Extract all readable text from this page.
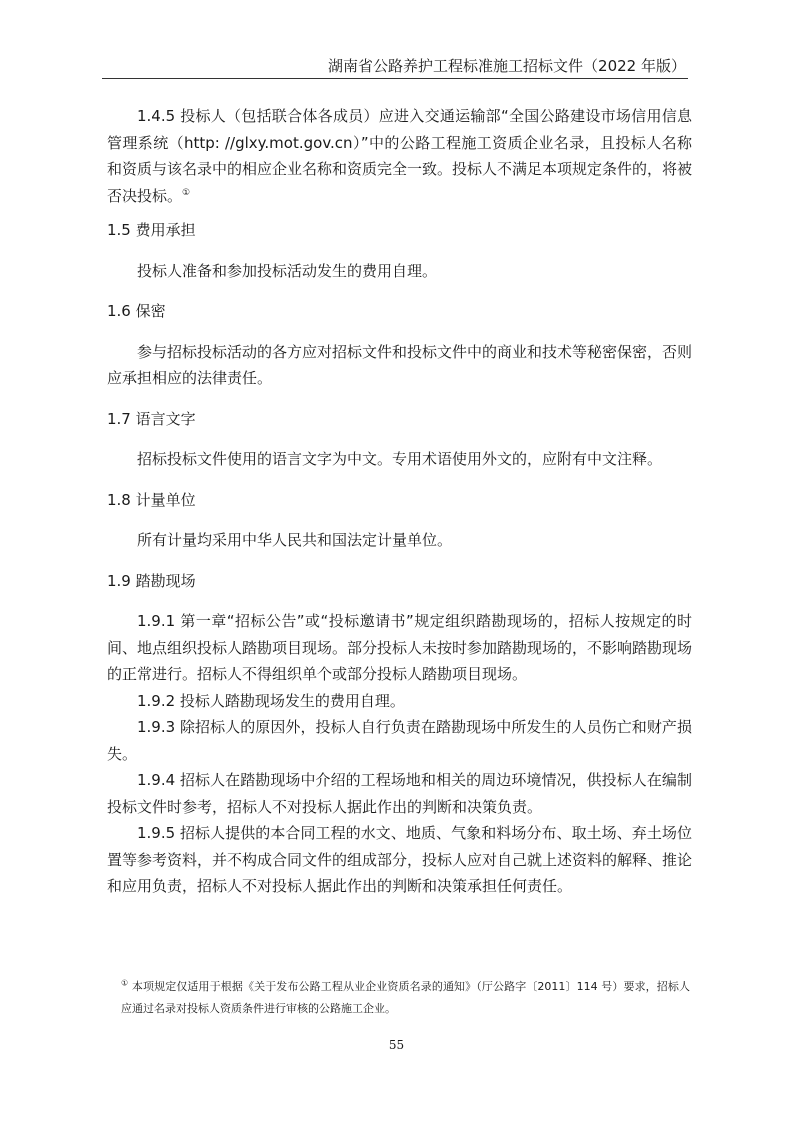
湖南省公路养护工程标准施工招标文件（2022 年版）

1.4.5 投标人（包括联合体各成员）应进入交通运输部“全国公路建设市场信用信息管理系统（http: //glxy.mot.gov.cn）”中的公路工程施工资质企业名录，且投标人名称和资质与该名录中的相应企业名称和资质完全一致。投标人不满足本项规定条件的，将被否决投标。①

1.5 费用承担

投标人准备和参加投标活动发生的费用自理。

1.6 保密

参与招标投标活动的各方应对招标文件和投标文件中的商业和技术等秘密保密，否则应承担相应的法律责任。

1.7 语言文字

招标投标文件使用的语言文字为中文。专用术语使用外文的，应附有中文注释。

1.8 计量单位

所有计量均采用中华人民共和国法定计量单位。

1.9 踏勘现场

1.9.1 第一章“招标公告”或“投标邀请书”规定组织踏勘现场的，招标人按规定的时间、地点组织投标人踏勘项目现场。部分投标人未按时参加踏勘现场的，不影响踏勘现场的正常进行。招标人不得组织单个或部分投标人踏勘项目现场。

1.9.2 投标人踏勘现场发生的费用自理。

1.9.3 除招标人的原因外，投标人自行负责在踏勘现场中所发生的人员伤亡和财产损失。

1.9.4 招标人在踏勘现场中介绍的工程场地和相关的周边环境情况，供投标人在编制投标文件时参考，招标人不对投标人据此作出的判断和决策负责。

1.9.5 招标人提供的本合同工程的水文、地质、气象和料场分布、取土场、弃土场位置等参考资料，并不构成合同文件的组成部分，投标人应对自己就上述资料的解释、推论和应用负责，招标人不对投标人据此作出的判断和决策承担任何责任。

① 本项规定仅适用于根据《关于发布公路工程从业企业资质名录的通知》（厅公路字〔2011〕114 号）要求，招标人应通过名录对投标人资质条件进行审核的公路施工企业。
55
